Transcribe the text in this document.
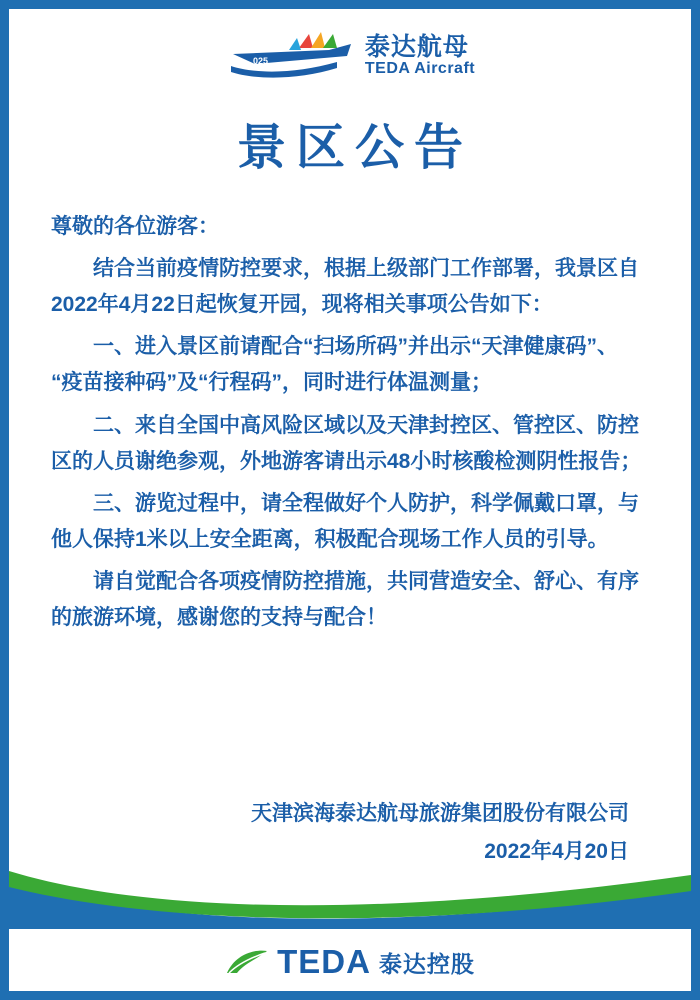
025	泰达航母
TEDA Aircraft
景区公告

尊敬的各位游客：

结合当前疫情防控要求，根据上级部门工作部署，我景区自2022年4月22日起恢复开园，现将相关事项公告如下：

一、进入景区前请配合“扫场所码”并出示“天津健康码”、“疫苗接种码”及“行程码”，同时进行体温测量；

二、来自全国中高风险区域以及天津封控区、管控区、防控区的人员谢绝参观，外地游客请出示48小时核酸检测阴性报告；

三、游览过程中，请全程做好个人防护，科学佩戴口罩，与他人保持1米以上安全距离，积极配合现场工作人员的引导。

请自觉配合各项疫情防控措施，共同营造安全、舒心、有序的旅游环境，感谢您的支持与配合！

天津滨海泰达航母旅游集团股份有限公司
2022年4月20日
TEDA 泰达控股
